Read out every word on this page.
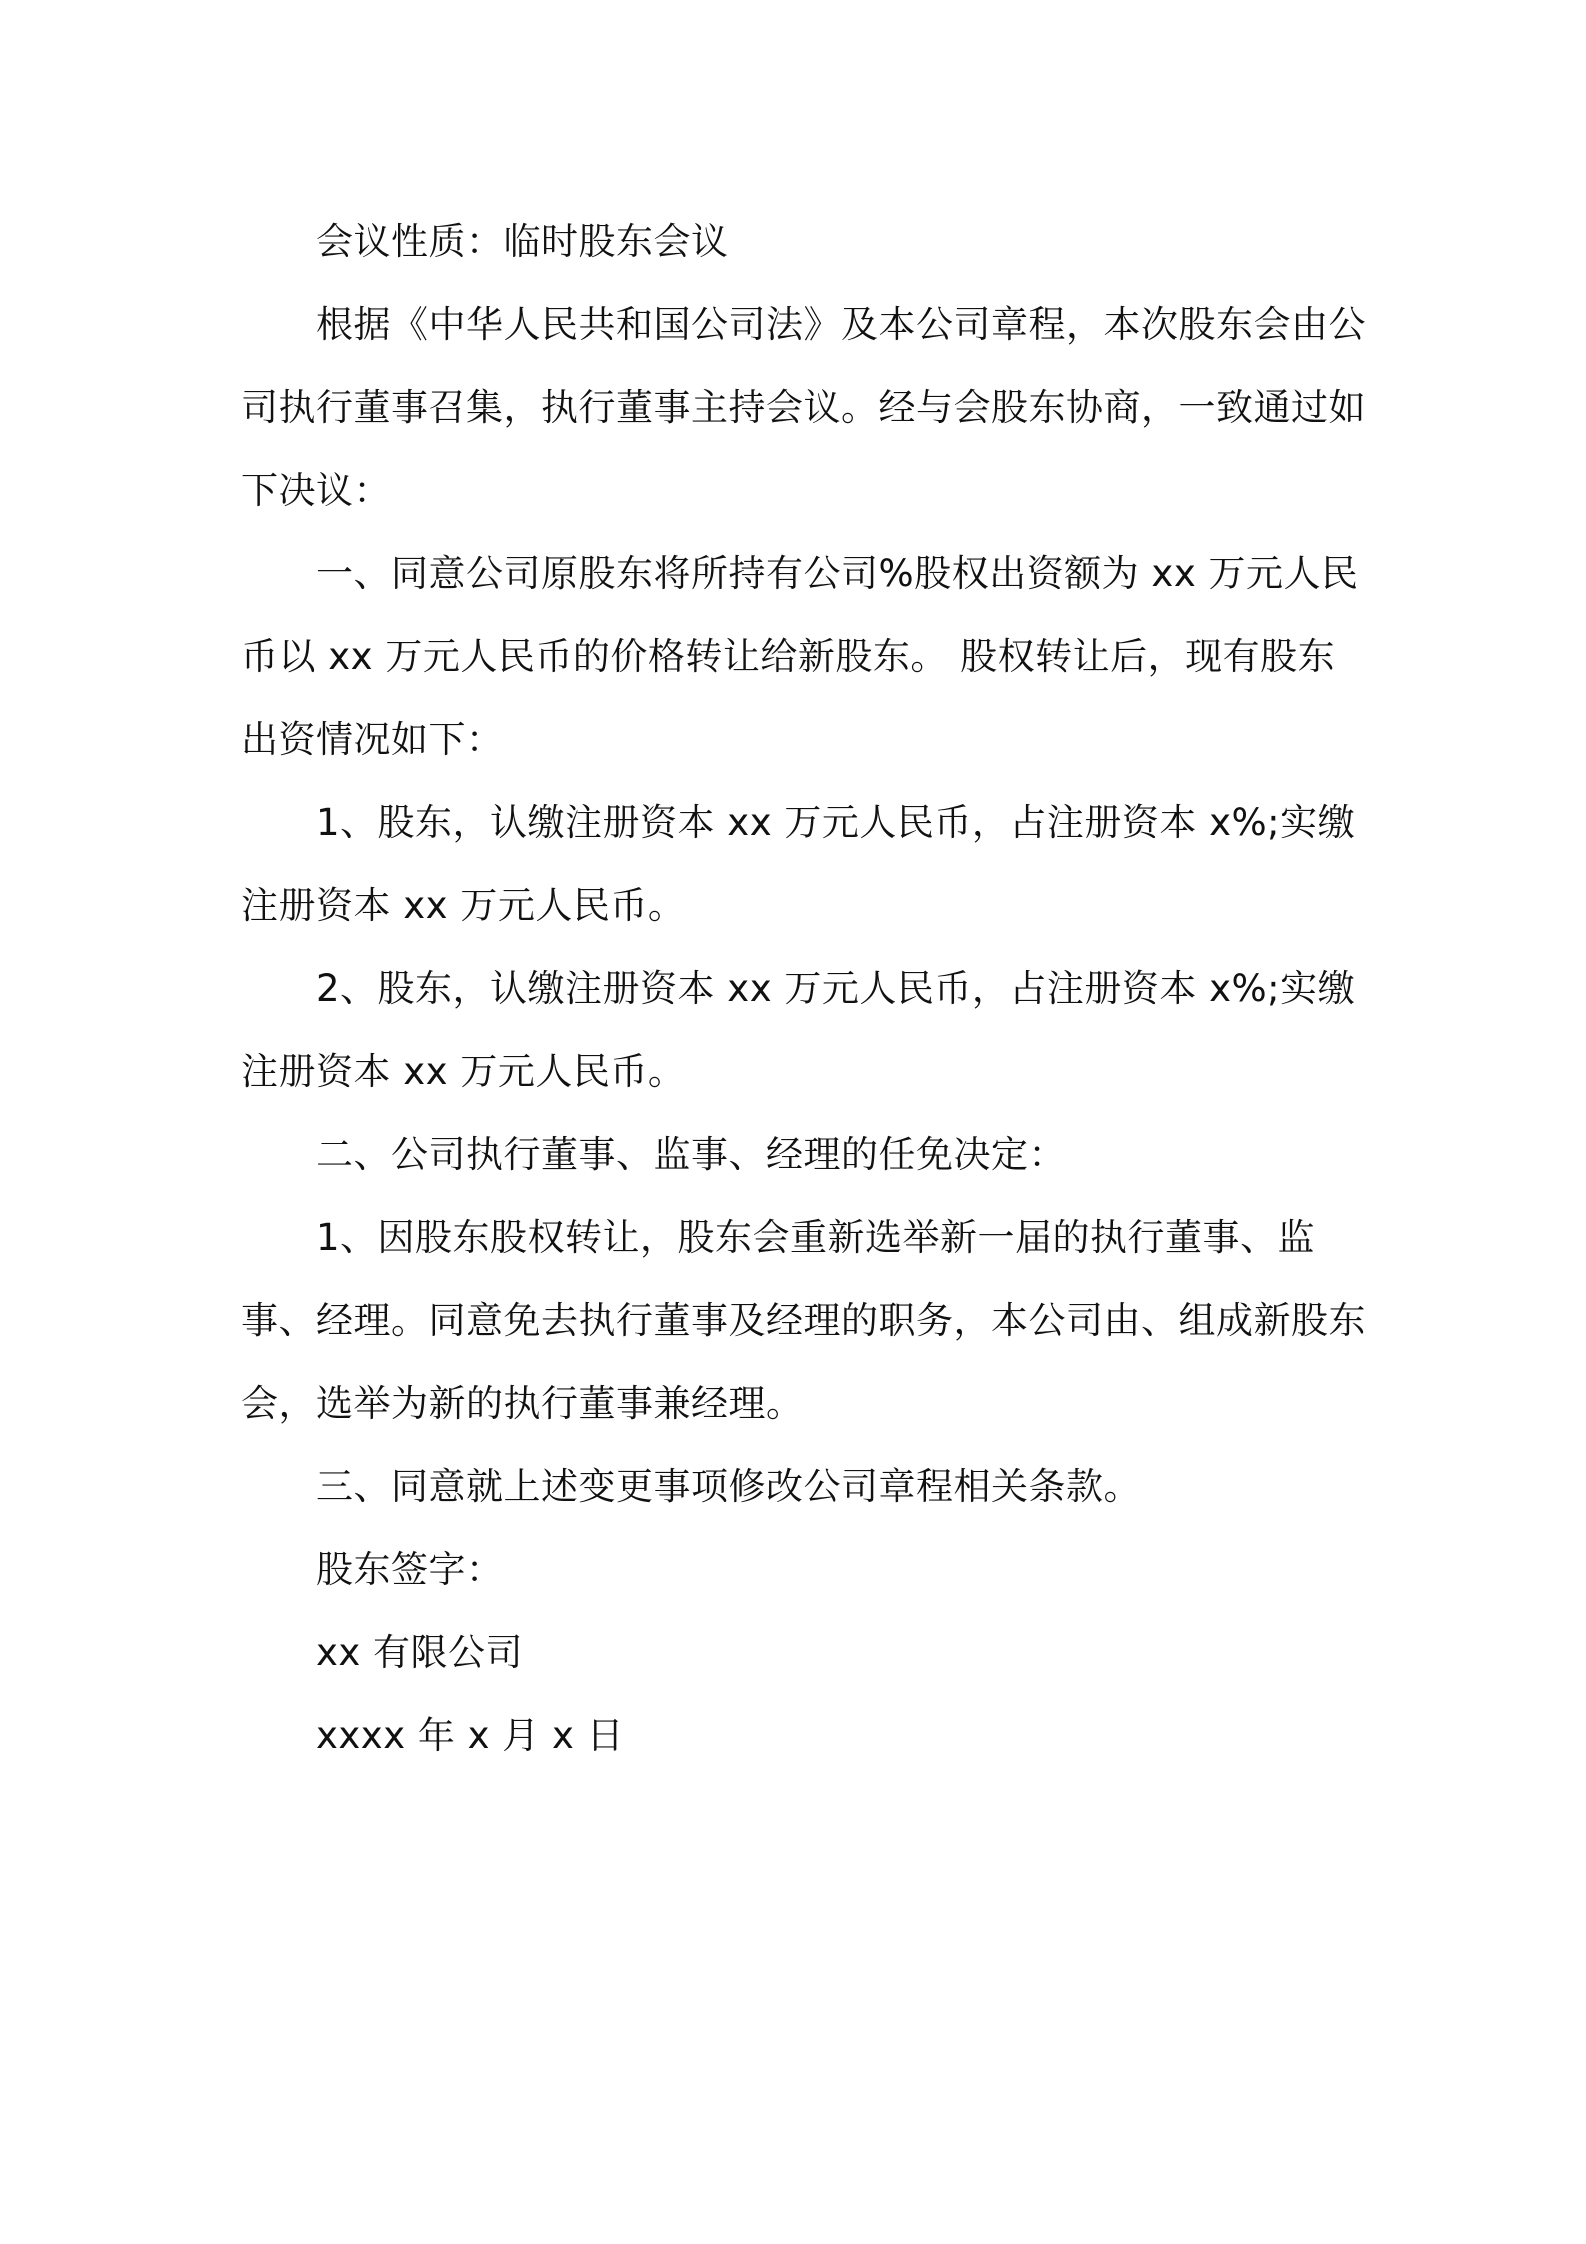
会议性质：临时股东会议

根据《中华人民共和国公司法》及本公司章程，本次股东会由公司执行董事召集，执行董事主持会议。经与会股东协商，一致通过如下决议：

一、同意公司原股东将所持有公司%股权出资额为 xx 万元人民币以 xx 万元人民币的价格转让给新股东。 股权转让后，现有股东出资情况如下：

1、股东，认缴注册资本 xx 万元人民币，占注册资本 x%;实缴注册资本 xx 万元人民币。

2、股东，认缴注册资本 xx 万元人民币，占注册资本 x%;实缴注册资本 xx 万元人民币。

二、公司执行董事、监事、经理的任免决定：

1、因股东股权转让，股东会重新选举新一届的执行董事、监事、经理。同意免去执行董事及经理的职务，本公司由、组成新股东会，选举为新的执行董事兼经理。

三、同意就上述变更事项修改公司章程相关条款。

股东签字：

xx 有限公司

xxxx 年 x 月 x 日
